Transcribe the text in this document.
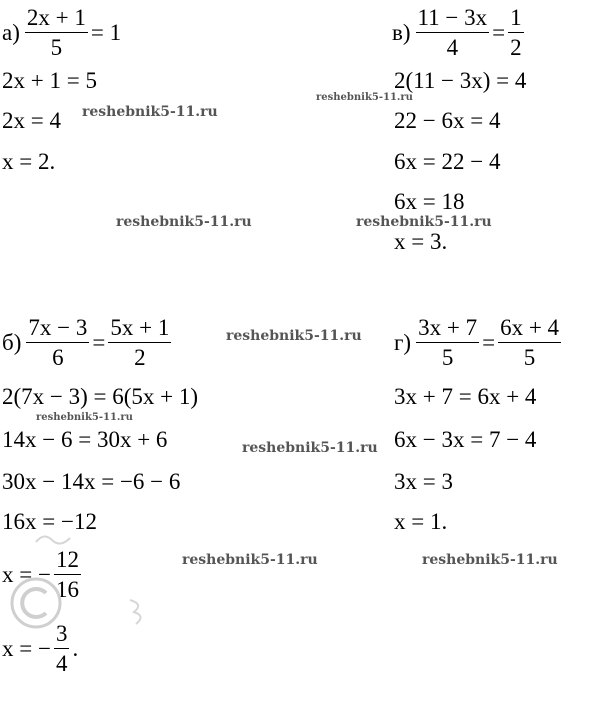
$а) \frac{2x + 1}{5} = 1$
2x + 1 = 5
2x = 4
x = 2.
$в) \frac{11 - 3x}{4} = \frac{1}{2}$
2(11 − 3x) = 4
22 − 6x = 4
6x = 22 − 4
6x = 18
x = 3.
$б) \frac{7x - 3}{6} = \frac{5x + 1}{2}$
2(7x − 3) = 6(5x + 1)
14x − 6 = 30x + 6
30x − 14x = −6 − 6
16x = −12
x = − $\frac{12}{16}$
x = − $\frac{3}{4}$ .
$г) \frac{3x + 7}{5} = \frac{6x + 4}{5}$
3x + 7 = 6x + 4
6x − 3x = 7 − 4
3x = 3
x = 1.
reshebnik5-11.ru
reshebnik5-11.ru
reshebnik5-11.ru	reshebnik5-11.ru
reshebnik5-11.ru
reshebnik5-11.ru
reshebnik5-11.ru
reshebnik5-11.ru	reshebnik5-11.ru
